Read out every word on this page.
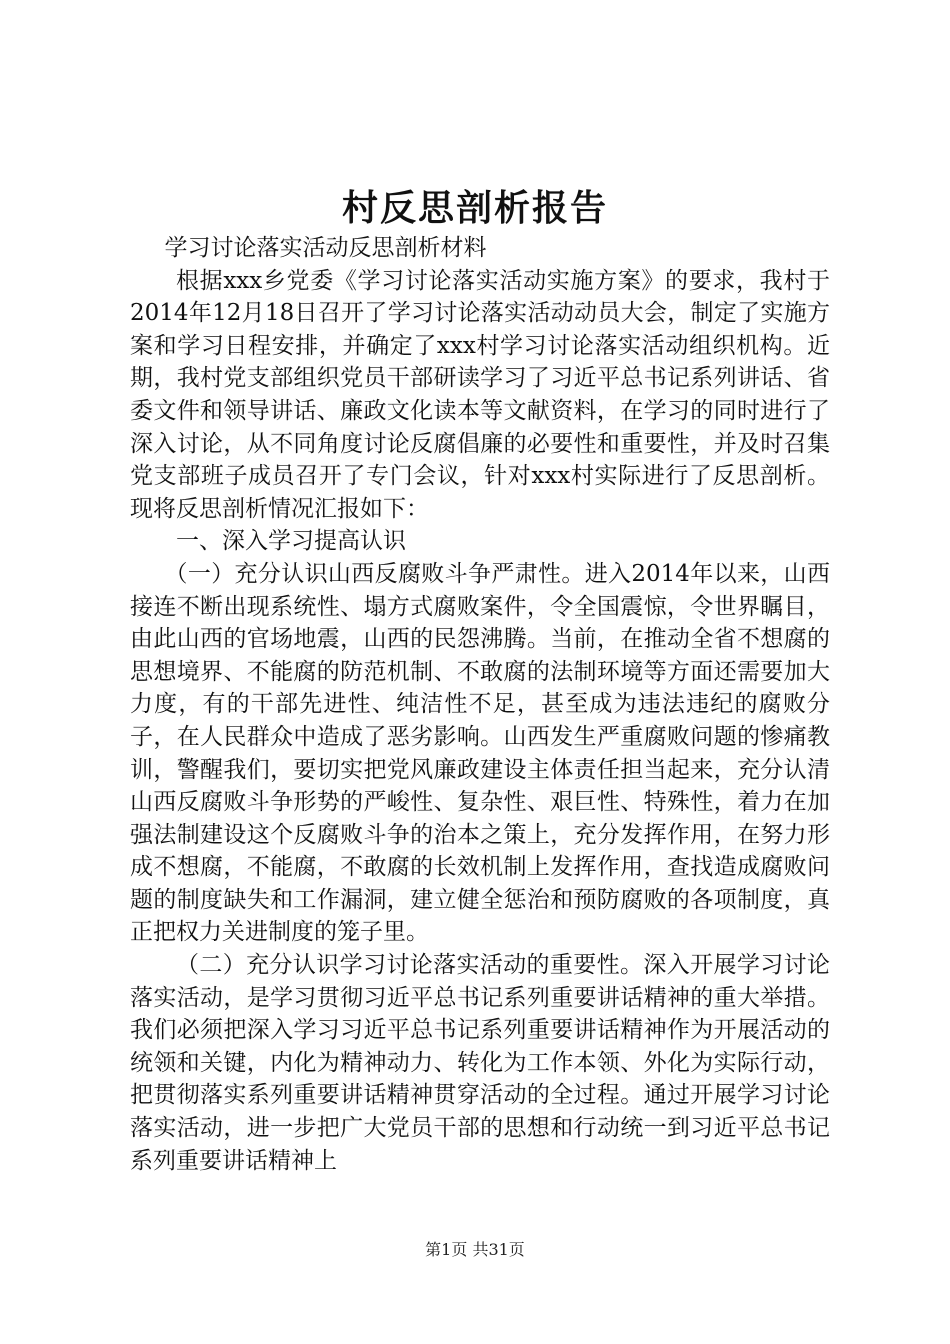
村反思剖析报告

学习讨论落实活动反思剖析材料

根据xxx乡党委《学习讨论落实活动实施方案》的要求，我村于2014年12月18日召开了学习讨论落实活动动员大会，制定了实施方案和学习日程安排，并确定了xxx村学习讨论落实活动组织机构。近期，我村党支部组织党员干部研读学习了习近平总书记系列讲话、省委文件和领导讲话、廉政文化读本等文献资料，在学习的同时进行了深入讨论，从不同角度讨论反腐倡廉的必要性和重要性，并及时召集党支部班子成员召开了专门会议，针对xxx村实际进行了反思剖析。现将反思剖析情况汇报如下：

一、深入学习提高认识

（一）充分认识山西反腐败斗争严肃性。进入2014年以来，山西接连不断出现系统性、塌方式腐败案件，令全国震惊，令世界瞩目，由此山西的官场地震，山西的民怨沸腾。当前，在推动全省不想腐的思想境界、不能腐的防范机制、不敢腐的法制环境等方面还需要加大力度，有的干部先进性、纯洁性不足，甚至成为违法违纪的腐败分子，在人民群众中造成了恶劣影响。山西发生严重腐败问题的惨痛教训，警醒我们，要切实把党风廉政建设主体责任担当起来，充分认清山西反腐败斗争形势的严峻性、复杂性、艰巨性、特殊性，着力在加强法制建设这个反腐败斗争的治本之策上，充分发挥作用，在努力形成不想腐，不能腐，不敢腐的长效机制上发挥作用，查找造成腐败问题的制度缺失和工作漏洞，建立健全惩治和预防腐败的各项制度，真正把权力关进制度的笼子里。

（二）充分认识学习讨论落实活动的重要性。深入开展学习讨论落实活动，是学习贯彻习近平总书记系列重要讲话精神的重大举措。我们必须把深入学习习近平总书记系列重要讲话精神作为开展活动的统领和关键，内化为精神动力、转化为工作本领、外化为实际行动，把贯彻落实系列重要讲话精神贯穿活动的全过程。通过开展学习讨论落实活动，进一步把广大党员干部的思想和行动统一到习近平总书记系列重要讲话精神上

第1页 共31页
